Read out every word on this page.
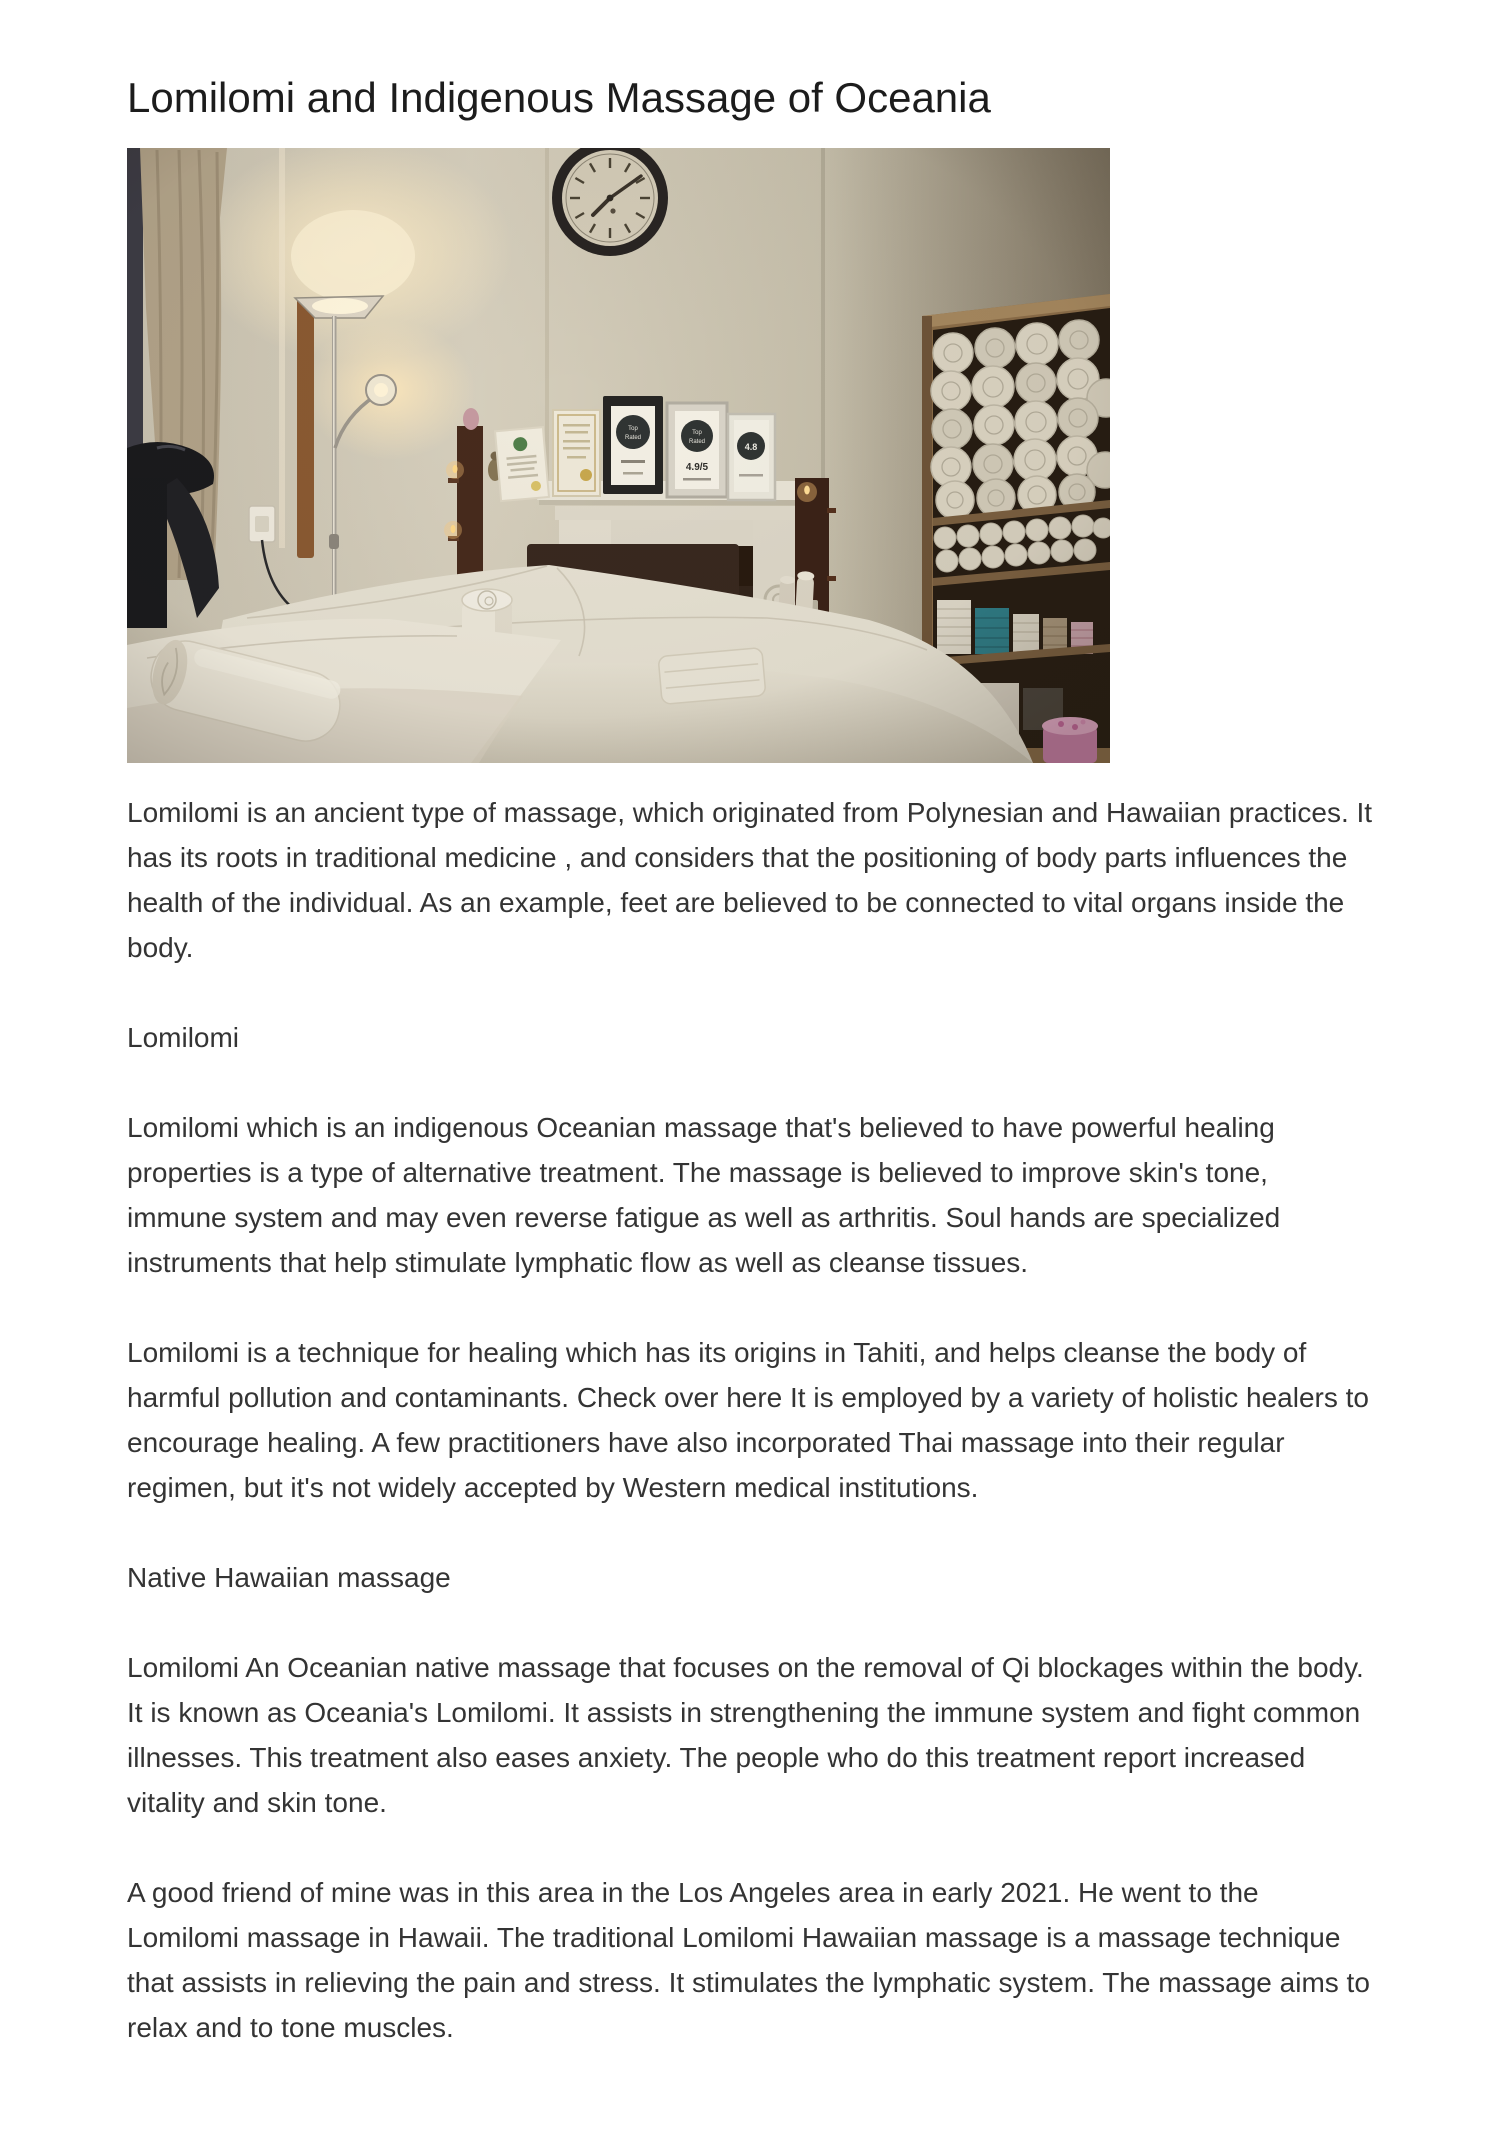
Lomilomi and Indigenous Massage of Oceania

Lomilomi is an ancient type of massage, which originated from Polynesian and Hawaiian practices. It has its roots in traditional medicine , and considers that the positioning of body parts influences the health of the individual. As an example, feet are believed to be connected to vital organs inside the body.

Lomilomi

Lomilomi which is an indigenous Oceanian massage that's believed to have powerful healing properties is a type of alternative treatment. The massage is believed to improve skin's tone, immune system and may even reverse fatigue as well as arthritis. Soul hands are specialized instruments that help stimulate lymphatic flow as well as cleanse tissues.

Lomilomi is a technique for healing which has its origins in Tahiti, and helps cleanse the body of harmful pollution and contaminants. Check over here It is employed by a variety of holistic healers to encourage healing. A few practitioners have also incorporated Thai massage into their regular regimen, but it's not widely accepted by Western medical institutions.

Native Hawaiian massage

Lomilomi An Oceanian native massage that focuses on the removal of Qi blockages within the body. It is known as Oceania's Lomilomi. It assists in strengthening the immune system and fight common illnesses. This treatment also eases anxiety. The people who do this treatment report increased vitality and skin tone.

A good friend of mine was in this area in the Los Angeles area in early 2021. He went to the Lomilomi massage in Hawaii. The traditional Lomilomi Hawaiian massage is a massage technique that assists in relieving the pain and stress. It stimulates the lymphatic system. The massage aims to relax and to tone muscles.
